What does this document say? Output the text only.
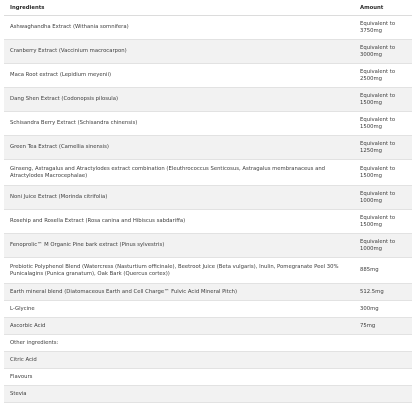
Ingredients	Amount
Ashwaghandha Extract (Withania somnifera)	Equivalent to 3750mg
Cranberry Extract (Vaccinium macrocarpon)	Equivalent to 3000mg
Maca Root extract (Lepidium meyenii)	Equivalent to 2500mg
Dang Shen Extract (Codonopsis pilosula)	Equivalent to 1500mg
Schisandra Berry Extract (Schisandra chinensis)	Equivalent to 1500mg
Green Tea Extract (Camellia sinensis)	Equivalent to 1250mg
Ginseng, Astragalus and Atractylodes extract combination (Eleuthrococcus Senticosus, Astragalus membranaceus and Atractylodes Macrocephalae)	Equivalent to 1500mg
Noni Juice Extract (Morinda citrifolia)	Equivalent to 1000mg
Rosehip and Rosella Extract (Rosa canina and Hibiscus sabdariffa)	Equivalent to 1500mg
Fenoprolic™ M Organic Pine bark extract (Pinus sylvestris)	Equivalent to 1000mg
Prebiotic Polyphenol Blend (Watercress (Nasturtium officinale), Beetroot Juice (Beta vulgaris), Inulin, Pomegranate Peel 30% Punicalagins (Punica granatum), Oak Bark (Quercus cortex))	885mg
Earth mineral blend (Diatomaceous Earth and Cell Charge™ Fulvic Acid Mineral Pitch)	512.5mg
L-Glycine	300mg
Ascorbic Acid	75mg
Other ingredients:	
Citric Acid	
Flavours	
Stevia	
